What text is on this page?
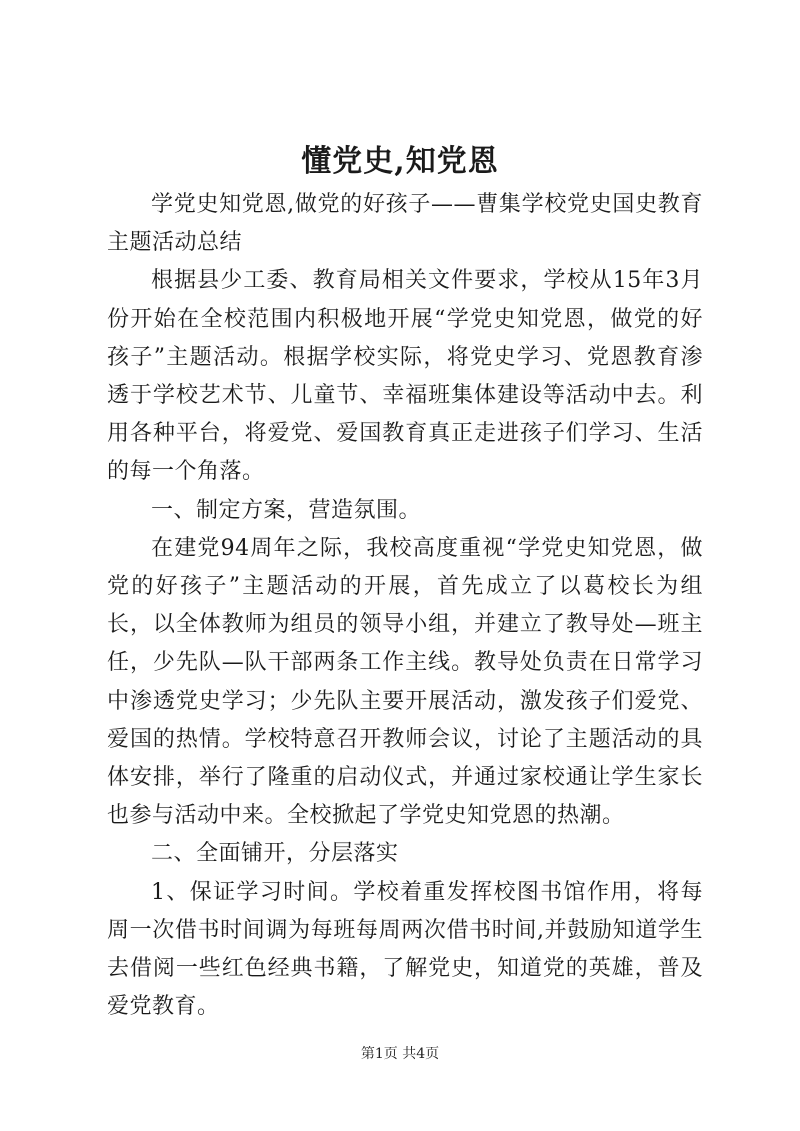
懂党史,知党恩

学党史知党恩,做党的好孩子——曹集学校党史国史教育主题活动总结

根据县少工委、教育局相关文件要求，学校从15年3月份开始在全校范围内积极地开展“学党史知党恩，做党的好孩子”主题活动。根据学校实际，将党史学习、党恩教育渗透于学校艺术节、儿童节、幸福班集体建设等活动中去。利用各种平台，将爱党、爱国教育真正走进孩子们学习、生活的每一个角落。

一、制定方案，营造氛围。

在建党94周年之际，我校高度重视“学党史知党恩，做党的好孩子”主题活动的开展，首先成立了以葛校长为组长，以全体教师为组员的领导小组，并建立了教导处—班主任，少先队—队干部两条工作主线。教导处负责在日常学习中渗透党史学习；少先队主要开展活动，激发孩子们爱党、爱国的热情。学校特意召开教师会议，讨论了主题活动的具体安排，举行了隆重的启动仪式，并通过家校通让学生家长也参与活动中来。全校掀起了学党史知党恩的热潮。

二、全面铺开，分层落实

1、保证学习时间。学校着重发挥校图书馆作用，将每周一次借书时间调为每班每周两次借书时间,并鼓励知道学生去借阅一些红色经典书籍，了解党史，知道党的英雄，普及爱党教育。

第1页 共4页
